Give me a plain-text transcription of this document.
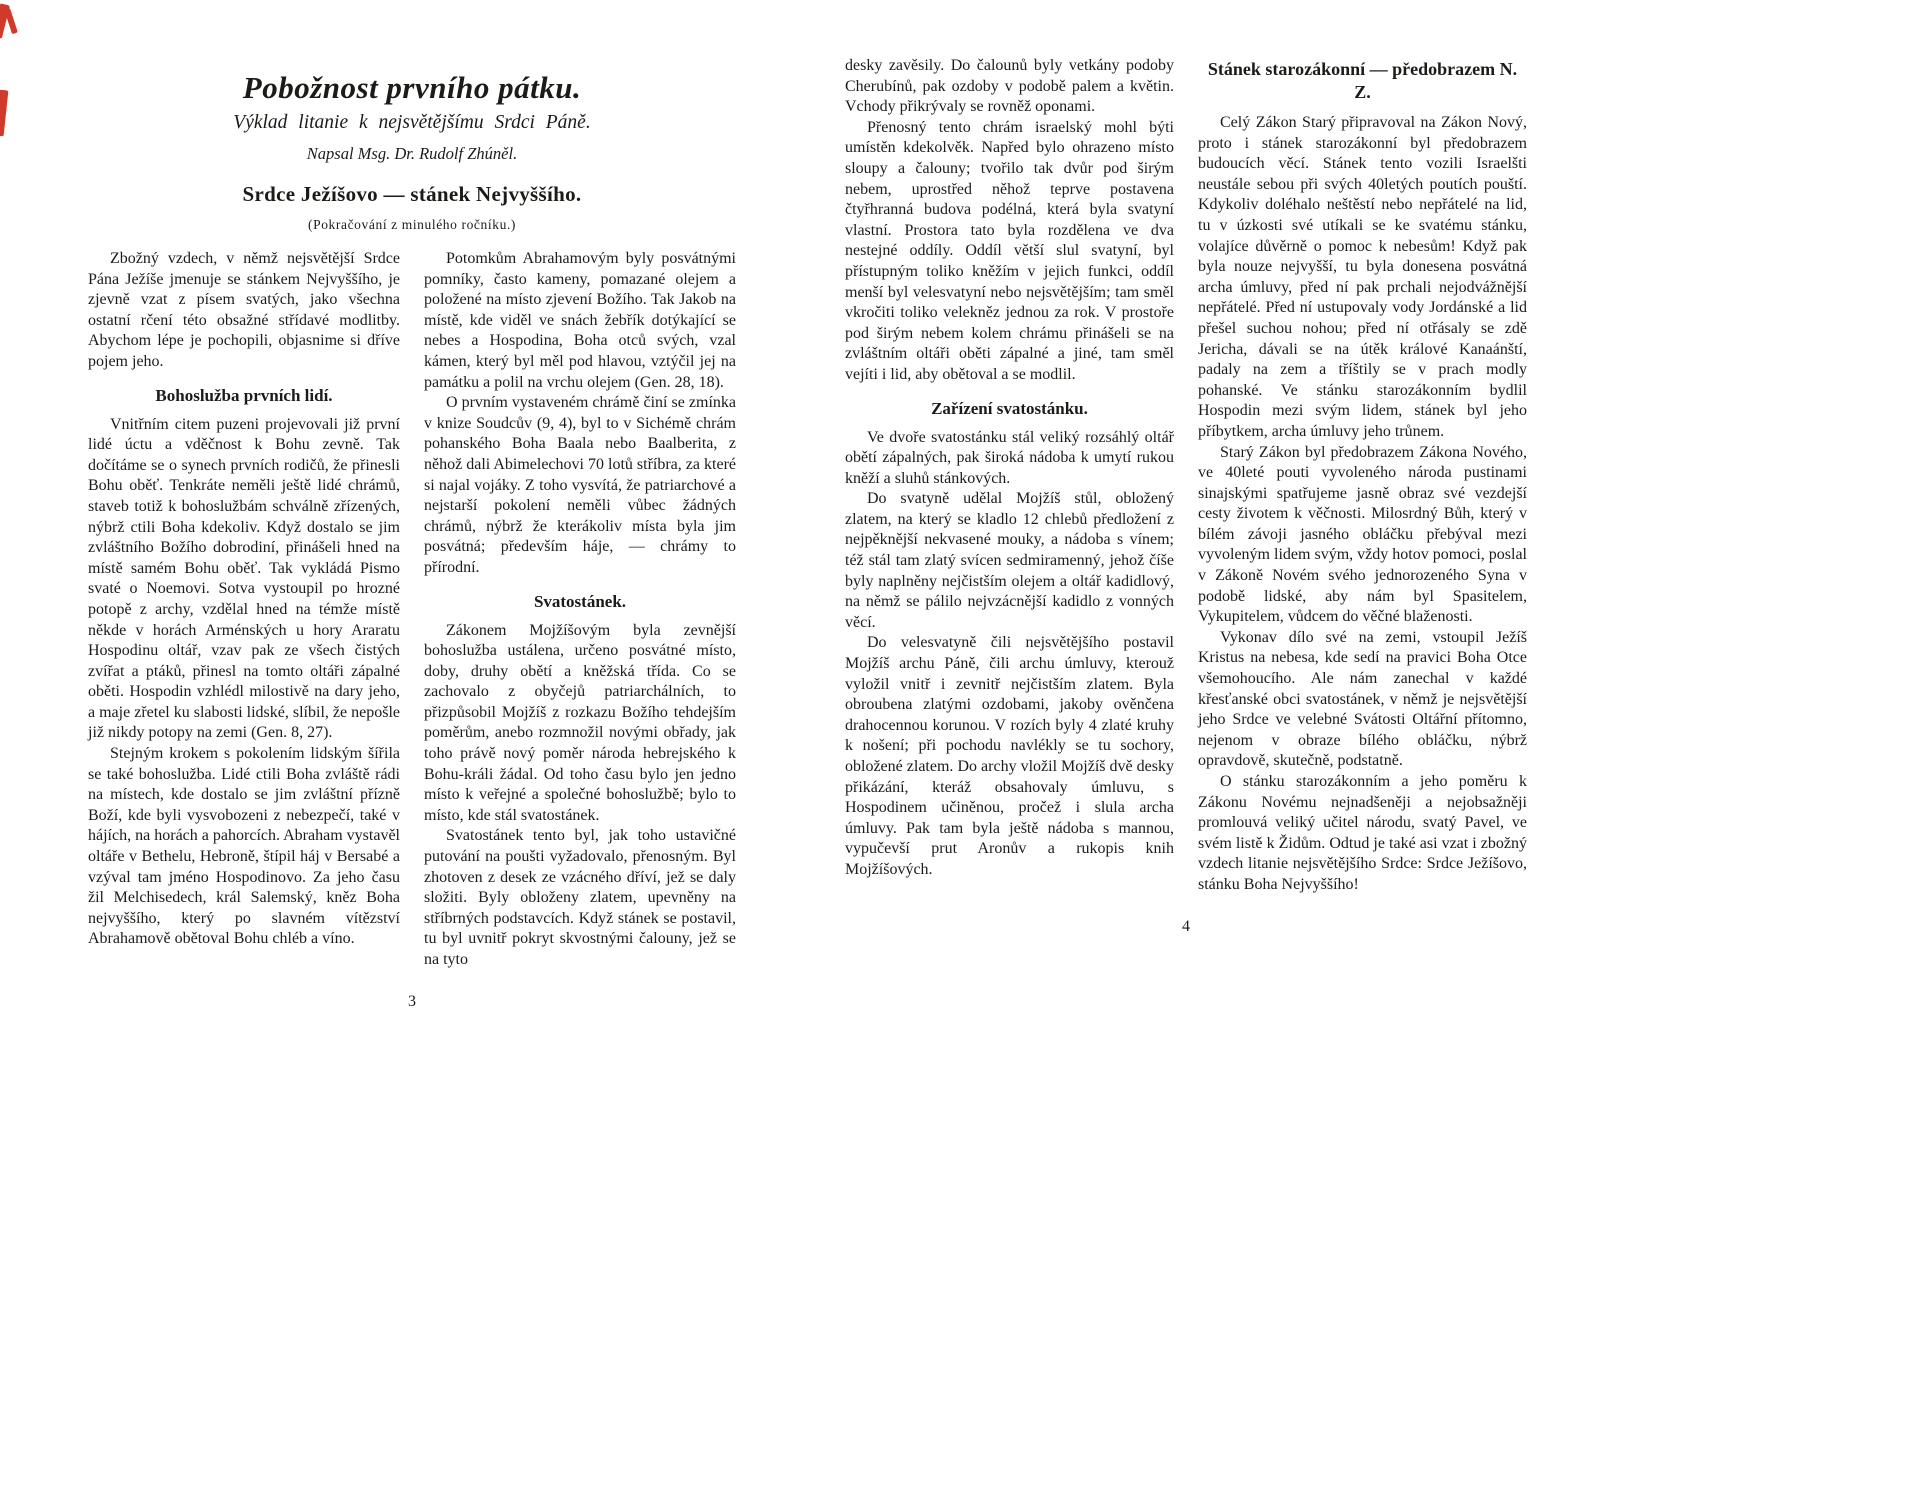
Pobožnost prvního pátku.
Výklad litanie k nejsvětějšímu Srdci Páně.
Napsal Msg. Dr. Rudolf Zhúněl.
Srdce Ježíšovo — stánek Nejvyššího.
(Pokračování z minulého ročníku.)

Zbožný vzdech, v němž nejsvětější Srdce Pána Ježíše jmenuje se stánkem Nejvyššího, je zjevně vzat z písem svatých, jako všechna ostatní rčení této obsažné střídavé modlitby. Abychom lépe je pochopili, objasnime si dříve pojem jeho.

Bohoslužba prvních lidí.

Vnitřním citem puzeni projevovali již první lidé úctu a vděčnost k Bohu zevně. Tak dočítáme se o synech prvních rodičů, že přinesli Bohu oběť. Tenkráte neměli ještě lidé chrámů, staveb totiž k bohoslužbám schválně zřízených, nýbrž ctili Boha kdekoliv. Když dostalo se jim zvláštního Božího dobrodiní, přinášeli hned na místě samém Bohu oběť. Tak vykládá Pismo svaté o Noemovi. Sotva vystoupil po hrozné potopě z archy, vzdělal hned na témže místě někde v horách Arménských u hory Araratu Hospodinu oltář, vzav pak ze všech čistých zvířat a ptáků, přinesl na tomto oltáři zápalné oběti. Hospodin vzhlédl milostivě na dary jeho, a maje zřetel ku slabosti lidské, slíbil, že nepošle již nikdy potopy na zemi (Gen. 8, 27).

Stejným krokem s pokolením lidským šířila se také bohoslužba. Lidé ctili Boha zvláště rádi na místech, kde dostalo se jim zvláštní přízně Boží, kde byli vysvobozeni z nebezpečí, také v hájích, na horách a pahorcích. Abraham vystavěl oltáře v Bethelu, Hebroně, štípil háj v Bersabé a vzýval tam jméno Hospodinovo. Za jeho času žil Melchisedech, král Salemský, kněz Boha nejvyššího, který po slavném vítězství Abrahamově obětoval Bohu chléb a víno.

Potomkům Abrahamovým byly posvátnými pomníky, často kameny, pomazané olejem a položené na místo zjevení Božího. Tak Jakob na místě, kde viděl ve snách žebřík dotýkající se nebes a Hospodina, Boha otců svých, vzal kámen, který byl měl pod hlavou, vztýčil jej na památku a polil na vrchu olejem (Gen. 28, 18).

O prvním vystaveném chrámě činí se zmínka v knize Soudcův (9, 4), byl to v Sichémě chrám pohanského Boha Baala nebo Baalberita, z něhož dali Abimelechovi 70 lotů stříbra, za které si najal vojáky. Z toho vysvítá, že patriarchové a nejstarší pokolení neměli vůbec žádných chrámů, nýbrž že kterákoliv místa byla jim posvátná; především háje, — chrámy to přírodní.

Svatostánek.

Zákonem Mojžíšovým byla zevnější bohoslužba ustálena, určeno posvátné místo, doby, druhy obětí a kněžská třída. Co se zachovalo z obyčejů patriarchálních, to přizpůsobil Mojžíš z rozkazu Božího tehdejším poměrům, anebo rozmnožil novými obřady, jak toho právě nový poměr národa hebrejského k Bohu-králi žádal. Od toho času bylo jen jedno místo k veřejné a společné bohoslužbě; bylo to místo, kde stál svatostánek.

Svatostánek tento byl, jak toho ustavičné putování na poušti vyžadovalo, přenosným. Byl zhotoven z desek ze vzácného dříví, jež se daly složiti. Byly obloženy zlatem, upevněny na stříbrných podstavcích. Když stánek se postavil, tu byl uvnitř pokryt skvostnými čalouny, jež se na tyto

3

desky zavěsily. Do čalounů byly vetkány podoby Cherubínů, pak ozdoby v podobě palem a květin. Vchody přikrývaly se rovněž oponami.

Přenosný tento chrám israelský mohl býti umístěn kdekolvěk. Napřed bylo ohrazeno místo sloupy a čalouny; tvořilo tak dvůr pod širým nebem, uprostřed něhož teprve postavena čtyřhranná budova podélná, která byla svatyní vlastní. Prostora tato byla rozdělena ve dva nestejné oddíly. Oddíl větší slul svatyní, byl přístupným toliko kněžím v jejich funkci, oddíl menší byl velesvatyní nebo nejsvětějším; tam směl vkročiti toliko velekněz jednou za rok. V prostoře pod širým nebem kolem chrámu přinášeli se na zvláštním oltáři oběti zápalné a jiné, tam směl vejíti i lid, aby obětoval a se modlil.

Zařízení svatostánku.

Ve dvoře svatostánku stál veliký rozsáhlý oltář obětí zápalných, pak široká nádoba k umytí rukou kněží a sluhů stánkových.

Do svatyně udělal Mojžíš stůl, obložený zlatem, na který se kladlo 12 chlebů předložení z nejpěknější nekvasené mouky, a nádoba s vínem; též stál tam zlatý svícen sedmiramenný, jehož číše byly naplněny nejčistším olejem a oltář kadidlový, na němž se pálilo nejvzácnější kadidlo z vonných věcí.

Do velesvatyně čili nejsvětějšího postavil Mojžíš archu Páně, čili archu úmluvy, kterouž vyložil vnitř i zevnitř nejčistším zlatem. Byla obroubena zlatými ozdobami, jakoby ověnčena drahocennou korunou. V rozích byly 4 zlaté kruhy k nošení; při pochodu navlékly se tu sochory, obložené zlatem. Do archy vložil Mojžíš dvě desky přikázání, kteráž obsahovaly úmluvu, s Hospodinem učiněnou, pročež i slula archa úmluvy. Pak tam byla ještě nádoba s mannou, vypučevší prut Aronův a rukopis knih Mojžíšových.

Stánek starozákonní — předobrazem N. Z.

Celý Zákon Starý připravoval na Zákon Nový, proto i stánek starozákonní byl předobrazem budoucích věcí. Stánek tento vozili Israelšti neustále sebou při svých 40letých poutích pouští. Kdykoliv doléhalo neštěstí nebo nepřátelé na lid, tu v úzkosti své utíkali se ke svatému stánku, volajíce důvěrně o pomoc k nebesům! Když pak byla nouze nejvyšší, tu byla donesena posvátná archa úmluvy, před ní pak prchali nejodvážnější nepřátelé. Před ní ustupovaly vody Jordánské a lid přešel suchou nohou; před ní otřásaly se zdě Jericha, dávali se na útěk králové Kanaánští, padaly na zem a tříštily se v prach modly pohanské. Ve stánku starozákonním bydlil Hospodin mezi svým lidem, stánek byl jeho příbytkem, archa úmluvy jeho trůnem.

Starý Zákon byl předobrazem Zákona Nového, ve 40leté pouti vyvoleného národa pustinami sinajskými spatřujeme jasně obraz své vezdejší cesty životem k věčnosti. Milosrdný Bůh, který v bílém závoji jasného obláčku přebýval mezi vyvoleným lidem svým, vždy hotov pomoci, poslal v Zákoně Novém svého jednorozeného Syna v podobě lidské, aby nám byl Spasitelem, Vykupitelem, vůdcem do věčné blaženosti.

Vykonav dílo své na zemi, vstoupil Ježíš Kristus na nebesa, kde sedí na pravici Boha Otce všemohoucího. Ale nám zanechal v každé křesťanské obci svatostánek, v němž je nejsvětější jeho Srdce ve velebné Svátosti Oltářní přítomno, nejenom v obraze bílého obláčku, nýbrž opravdově, skutečně, podstatně.

O stánku starozákonním a jeho poměru k Zákonu Novému nejnadšeněji a nejobsažněji promlouvá veliký učitel národu, svatý Pavel, ve svém listě k Židům. Odtud je také asi vzat i zbožný vzdech litanie nejsvětějšího Srdce: Srdce Ježíšovo, stánku Boha Nejvyššího!

4
